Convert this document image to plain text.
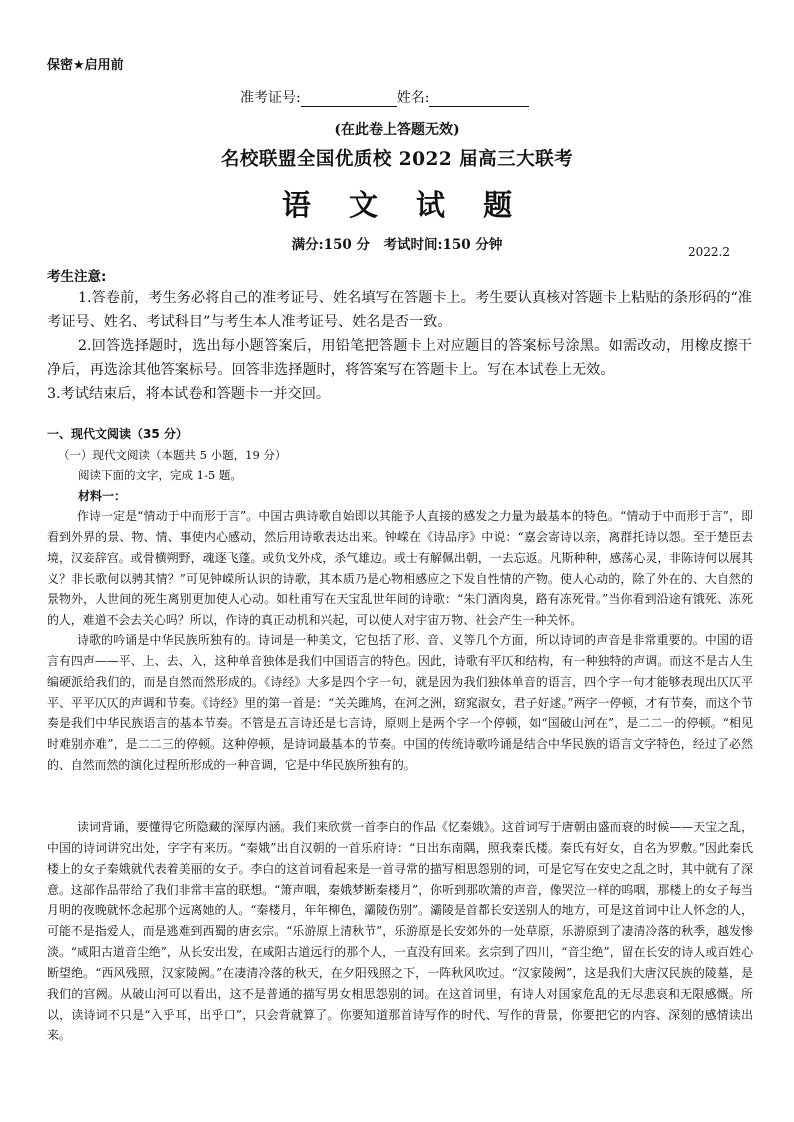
保密★启用前
准考证号:	姓名:
(在此卷上答题无效)
名校联盟全国优质校 2022 届高三大联考
语 文 试 题
满分:150 分　考试时间:150 分钟	2022.2
考生注意:
1.答卷前，考生务必将自己的准考证号、姓名填写在答题卡上。考生要认真核对答题卡上粘贴的条形码的“准考证号、姓名、考试科目”与考生本人准考证号、姓名是否一致。
2.回答选择题时，选出每小题答案后，用铅笔把答题卡上对应题目的答案标号涂黑。如需改动，用橡皮擦干净后，再选涂其他答案标号。回答非选择题时，将答案写在答题卡上。写在本试卷上无效。
3.考试结束后，将本试卷和答题卡一并交回。
一、现代文阅读（35 分）
（一）现代文阅读（本题共 5 小题，19 分）
阅读下面的文字，完成 1-5 题。
材料一：
作诗一定是“情动于中而形于言”。中国古典诗歌自始即以其能予人直接的感发之力量为最基本的特色。“情动于中而形于言”，即看到外界的景、物、情、事使内心感动，然后用诗歌表达出来。钟嵘在《诗品序》中说：“嘉会寄诗以亲，离群托诗以怨。至于楚臣去境，汉妾辞宫。或骨横朔野，魂逐飞蓬。或负戈外戍，杀气雄边。或士有解佩出朝，一去忘返。凡斯种种，感荡心灵，非陈诗何以展其义？非长歌何以骋其情？”可见钟嵘所认识的诗歌，其本质乃是心物相感应之下发自性情的产物。使人心动的，除了外在的、大自然的景物外，人世间的死生离别更加使人心动。如杜甫写在天宝乱世年间的诗歌：“朱门酒肉臭，路有冻死骨。”当你看到沿途有饿死、冻死的人，难道不会去关心吗？所以，作诗的真正动机和兴起，可以使人对宇宙万物、社会产生一种关怀。
诗歌的吟诵是中华民族所独有的。诗词是一种美文，它包括了形、音、义等几个方面，所以诗词的声音是非常重要的。中国的语言有四声——平、上、去、入，这种单音独体是我们中国语言的特色。因此，诗歌有平仄和结构，有一种独特的声调。而这不是古人生编硬派给我们的，而是自然而然形成的。《诗经》大多是四个字一句，就是因为我们独体单音的语言，四个字一句才能够表现出仄仄平平、平平仄仄的声调和节奏。《诗经》里的第一首是：“关关雎鸠，在河之洲，窈窕淑女，君子好逑。”两字一停顿，才有节奏，而这个节奏是我们中华民族语言的基本节奏。不管是五言诗还是七言诗，原则上是两个字一个停顿，如“国破山河在”，是二二一的停顿。“相见时难别亦难”，是二二三的停顿。这种停顿，是诗词最基本的节奏。中国的传统诗歌吟诵是结合中华民族的语言文字特色，经过了必然的、自然而然的演化过程所形成的一种音调，它是中华民族所独有的。
读词背诵，要懂得它所隐藏的深厚内涵。我们来欣赏一首李白的作品《忆秦娥》。这首词写于唐朝由盛而衰的时候——天宝之乱，中国的诗词讲究出处，字字有来历。“秦娥”出自汉朝的一首乐府诗：“日出东南隅，照我秦氏楼。秦氏有好女，自名为罗敷。”因此秦氏楼上的女子秦娥就代表着美丽的女子。李白的这首词看起来是一首寻常的描写相思怨别的词，可是它写在安史之乱之时，其中就有了深意。这部作品带给了我们非常丰富的联想。“箫声咽，秦娥梦断秦楼月”，你听到那吹箫的声音，像哭泣一样的呜咽，那楼上的女子每当月明的夜晚就怀念起那个远离她的人。“秦楼月，年年柳色，灞陵伤别”。灞陵是首都长安送别人的地方，可是这首词中让人怀念的人，可能不是指爱人，而是逃难到西蜀的唐玄宗。“乐游原上清秋节”，乐游原是长安郊外的一处草原，乐游原到了凄清冷落的秋季，越发惨淡。“咸阳古道音尘绝”，从长安出发，在咸阳古道远行的那个人，一直没有回来。玄宗到了四川，“音尘绝”，留在长安的诗人或百姓心断望绝。“西风残照，汉家陵阙。”在凄清冷落的秋天，在夕阳残照之下，一阵秋风吹过。“汉家陵阙”，这是我们大唐汉民族的陵墓，是我们的宫阙。从破山河可以看出，这不是普通的描写男女相思怨别的词。在这首词里，有诗人对国家危乱的无尽悲哀和无限感慨。所以，读诗词不只是“入乎耳，出乎口”，只会背就算了。你要知道那首诗写作的时代、写作的背景，你要把它的内容、深刻的感情读出来。
